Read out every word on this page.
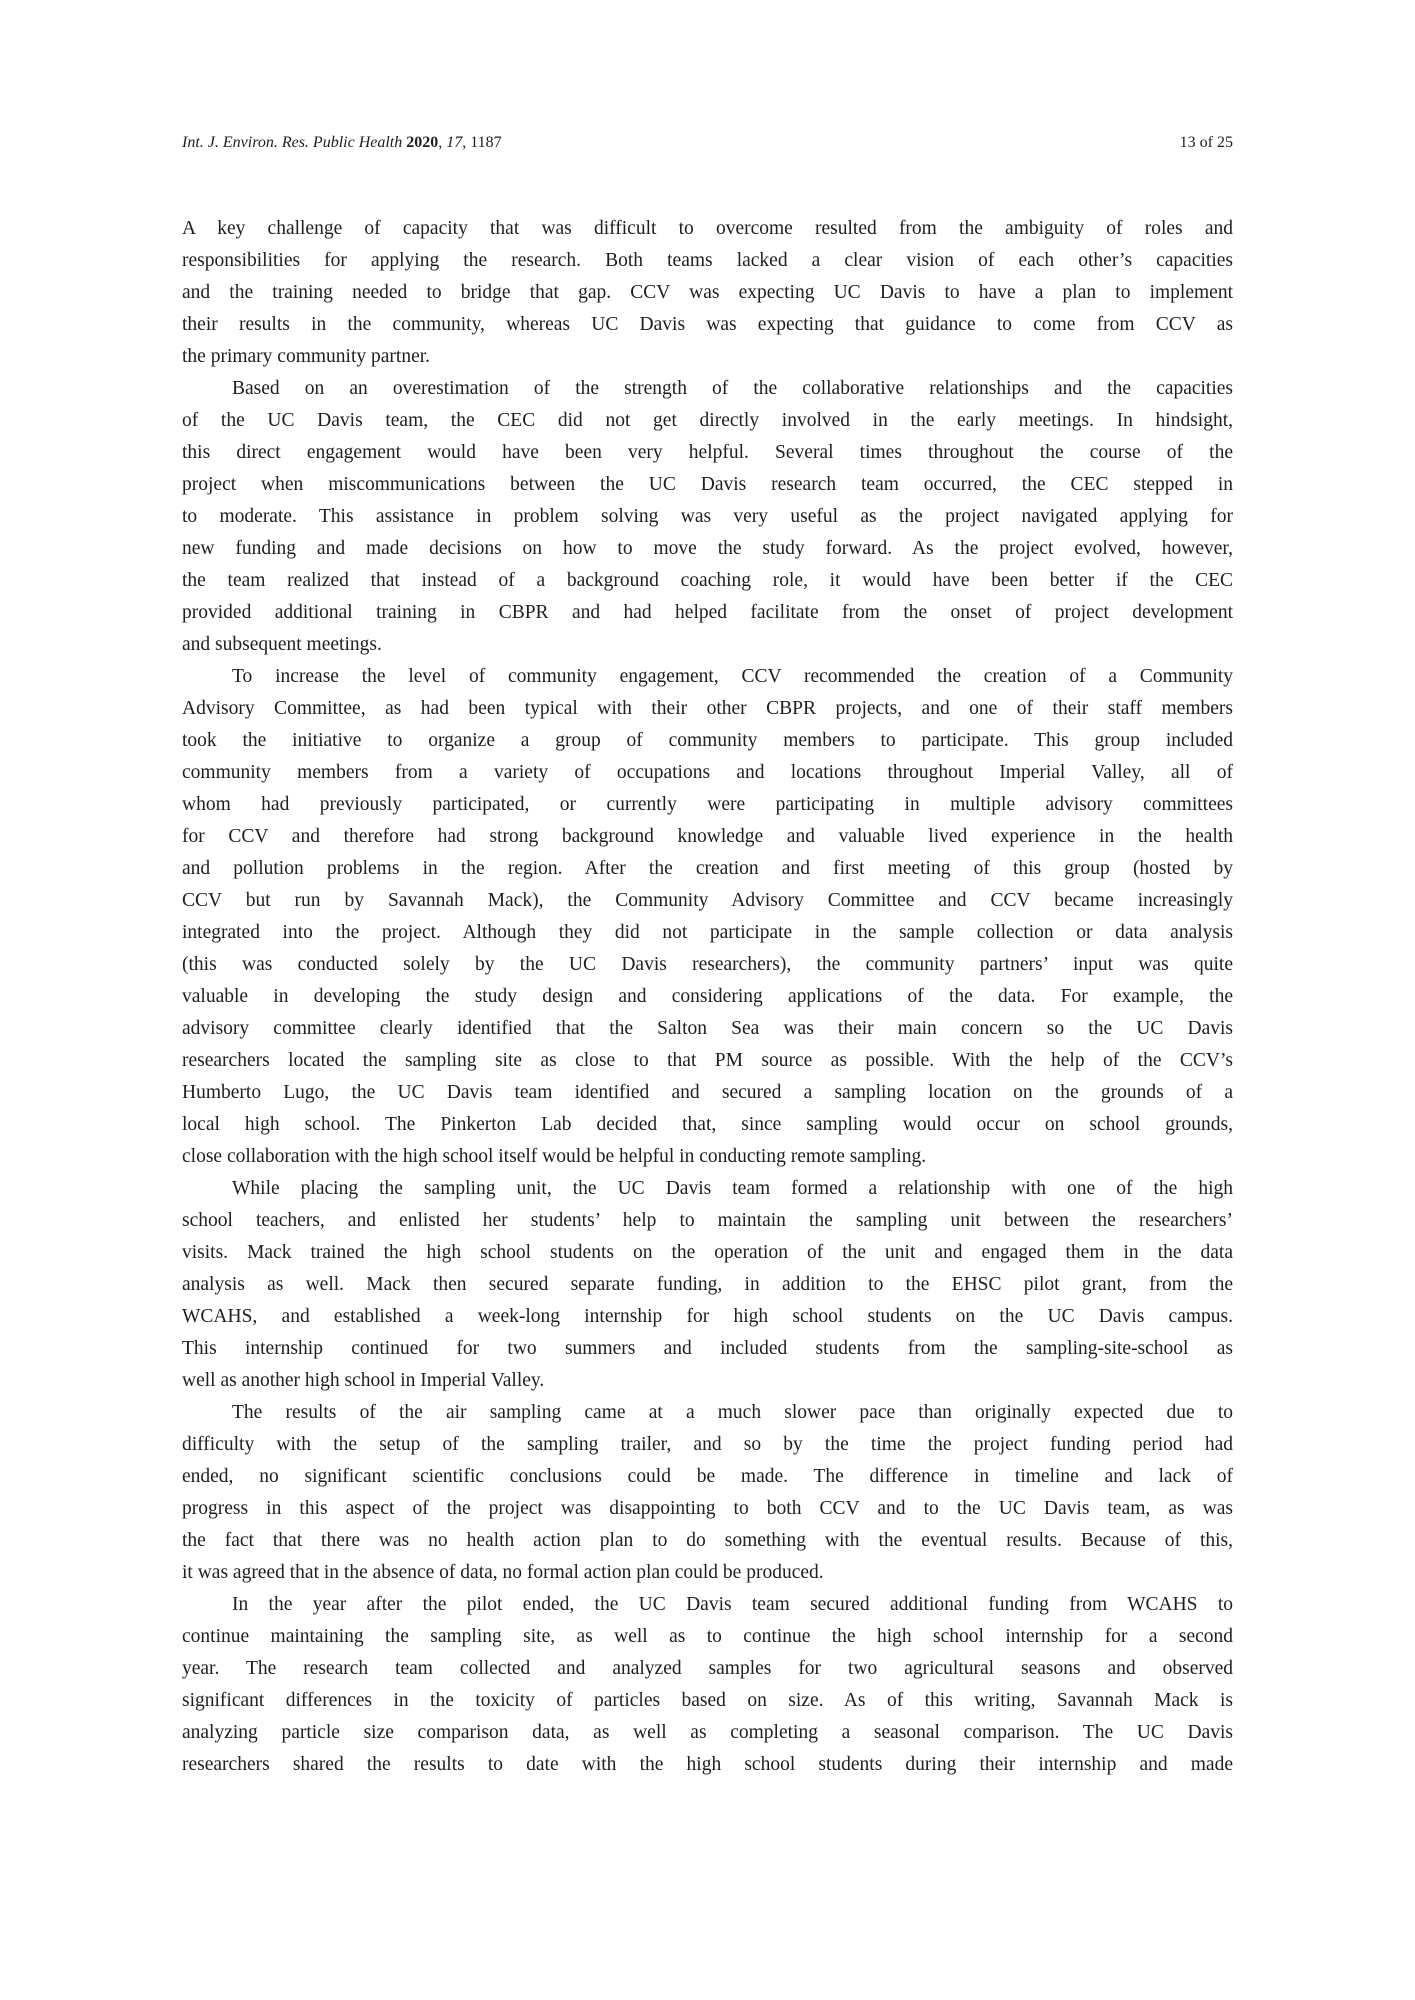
Int. J. Environ. Res. Public Health 2020, 17, 1187	13 of 25
A key challenge of capacity that was difficult to overcome resulted from the ambiguity of roles and
responsibilities for applying the research. Both teams lacked a clear vision of each other’s capacities
and the training needed to bridge that gap. CCV was expecting UC Davis to have a plan to implement
their results in the community, whereas UC Davis was expecting that guidance to come from CCV as
the primary community partner.
Based on an overestimation of the strength of the collaborative relationships and the capacities
of the UC Davis team, the CEC did not get directly involved in the early meetings. In hindsight,
this direct engagement would have been very helpful. Several times throughout the course of the
project when miscommunications between the UC Davis research team occurred, the CEC stepped in
to moderate. This assistance in problem solving was very useful as the project navigated applying for
new funding and made decisions on how to move the study forward. As the project evolved, however,
the team realized that instead of a background coaching role, it would have been better if the CEC
provided additional training in CBPR and had helped facilitate from the onset of project development
and subsequent meetings.
To increase the level of community engagement, CCV recommended the creation of a Community
Advisory Committee, as had been typical with their other CBPR projects, and one of their staff members
took the initiative to organize a group of community members to participate. This group included
community members from a variety of occupations and locations throughout Imperial Valley, all of
whom had previously participated, or currently were participating in multiple advisory committees
for CCV and therefore had strong background knowledge and valuable lived experience in the health
and pollution problems in the region. After the creation and first meeting of this group (hosted by
CCV but run by Savannah Mack), the Community Advisory Committee and CCV became increasingly
integrated into the project. Although they did not participate in the sample collection or data analysis
(this was conducted solely by the UC Davis researchers), the community partners’ input was quite
valuable in developing the study design and considering applications of the data. For example, the
advisory committee clearly identified that the Salton Sea was their main concern so the UC Davis
researchers located the sampling site as close to that PM source as possible. With the help of the CCV’s
Humberto Lugo, the UC Davis team identified and secured a sampling location on the grounds of a
local high school. The Pinkerton Lab decided that, since sampling would occur on school grounds,
close collaboration with the high school itself would be helpful in conducting remote sampling.
While placing the sampling unit, the UC Davis team formed a relationship with one of the high
school teachers, and enlisted her students’ help to maintain the sampling unit between the researchers’
visits. Mack trained the high school students on the operation of the unit and engaged them in the data
analysis as well. Mack then secured separate funding, in addition to the EHSC pilot grant, from the
WCAHS, and established a week-long internship for high school students on the UC Davis campus.
This internship continued for two summers and included students from the sampling-site-school as
well as another high school in Imperial Valley.
The results of the air sampling came at a much slower pace than originally expected due to
difficulty with the setup of the sampling trailer, and so by the time the project funding period had
ended, no significant scientific conclusions could be made. The difference in timeline and lack of
progress in this aspect of the project was disappointing to both CCV and to the UC Davis team, as was
the fact that there was no health action plan to do something with the eventual results. Because of this,
it was agreed that in the absence of data, no formal action plan could be produced.
In the year after the pilot ended, the UC Davis team secured additional funding from WCAHS to
continue maintaining the sampling site, as well as to continue the high school internship for a second
year. The research team collected and analyzed samples for two agricultural seasons and observed
significant differences in the toxicity of particles based on size. As of this writing, Savannah Mack is
analyzing particle size comparison data, as well as completing a seasonal comparison. The UC Davis
researchers shared the results to date with the high school students during their internship and made
